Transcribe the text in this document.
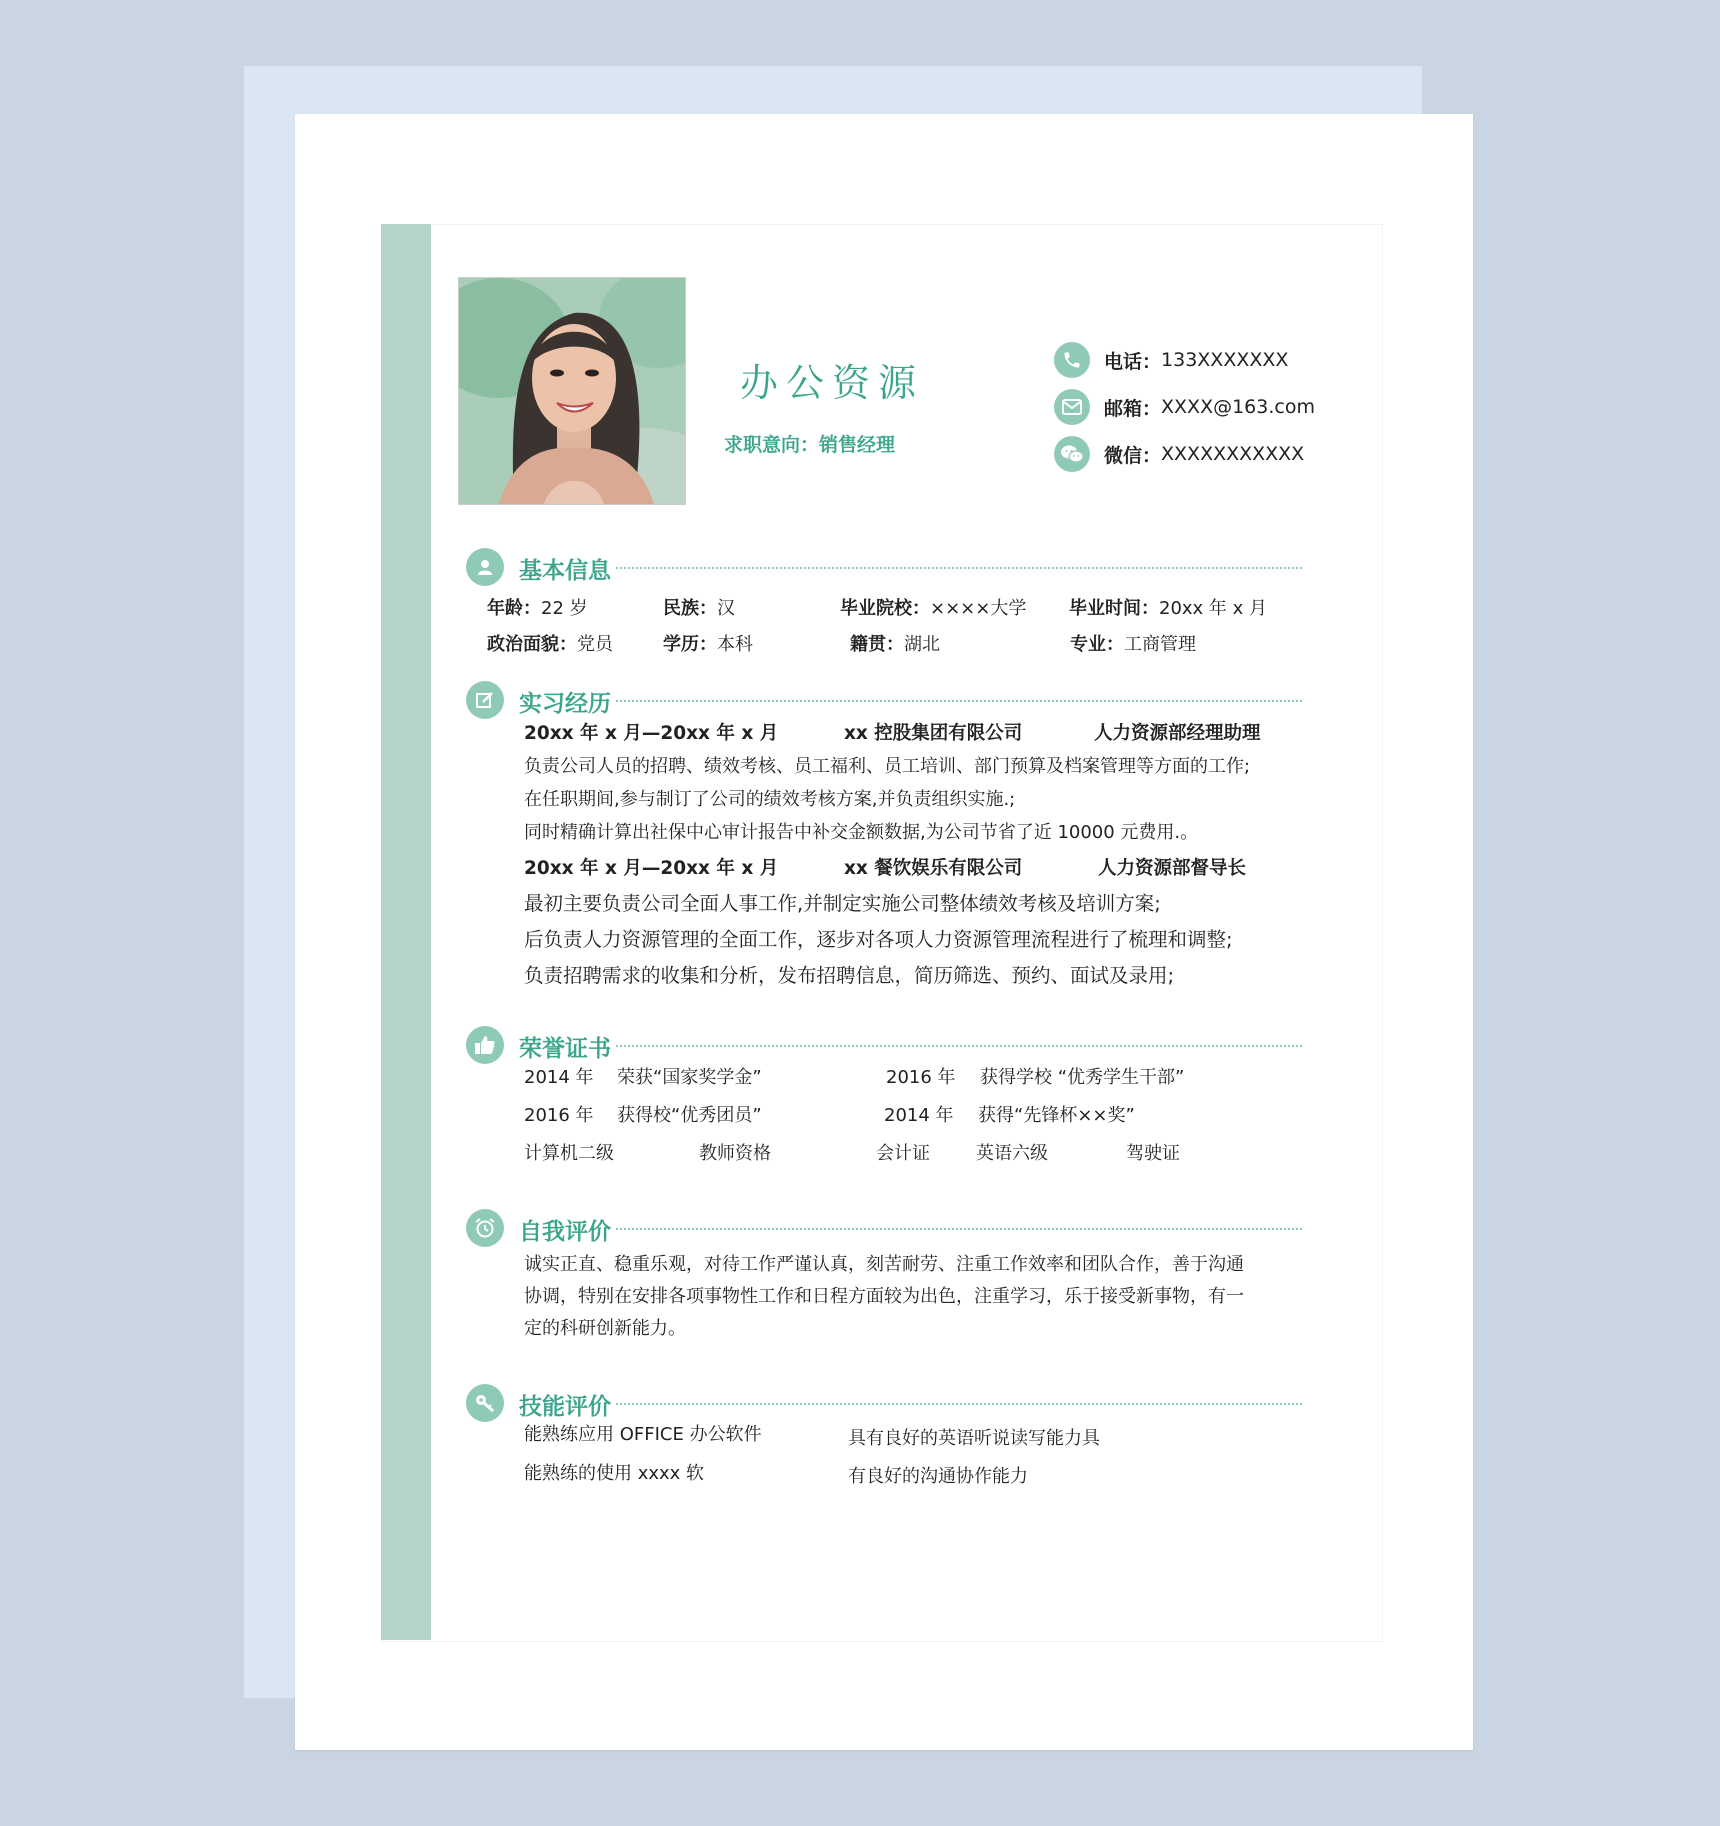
办公资源
求职意向：销售经理
电话： 133XXXXXXX
邮箱： XXXX@163.com
微信： XXXXXXXXXXX
基本信息
年龄：22 岁	民族：汉	毕业院校：××××大学 毕业时间：20xx 年 x 月
政治面貌：党员	学历：本科	籍贯：湖北	专业：工商管理
实习经历
20xx 年 x 月—20xx 年 x 月	xx 控股集团有限公司	人力资源部经理助理
负责公司人员的招聘、绩效考核、员工福利、员工培训、部门预算及档案管理等方面的工作;
在任职期间,参与制订了公司的绩效考核方案,并负责组织实施.;
同时精确计算出社保中心审计报告中补交金额数据,为公司节省了近 10000 元费用.。
20xx 年 x 月—20xx 年 x 月	xx 餐饮娱乐有限公司	人力资源部督导长
最初主要负责公司全面人事工作,并制定实施公司整体绩效考核及培训方案;
后负责人力资源管理的全面工作，逐步对各项人力资源管理流程进行了梳理和调整;
负责招聘需求的收集和分析，发布招聘信息，简历筛选、预约、面试及录用;
荣誉证书
2014 年 荣获“国家奖学金”	2016 年 获得学校 “优秀学生干部”
2016 年 获得校“优秀团员”	2014 年 获得“先锋杯××奖”
计算机二级	教师资格	会计证	英语六级	驾驶证
自我评价
诚实正直、稳重乐观，对待工作严谨认真，刻苦耐劳、注重工作效率和团队合作，善于沟通
协调，特别在安排各项事物性工作和日程方面较为出色，注重学习，乐于接受新事物，有一
定的科研创新能力。
技能评价
能熟练应用 OFFICE 办公软件	具有良好的英语听说读写能力具
能熟练的使用 xxxx 软	有良好的沟通协作能力
